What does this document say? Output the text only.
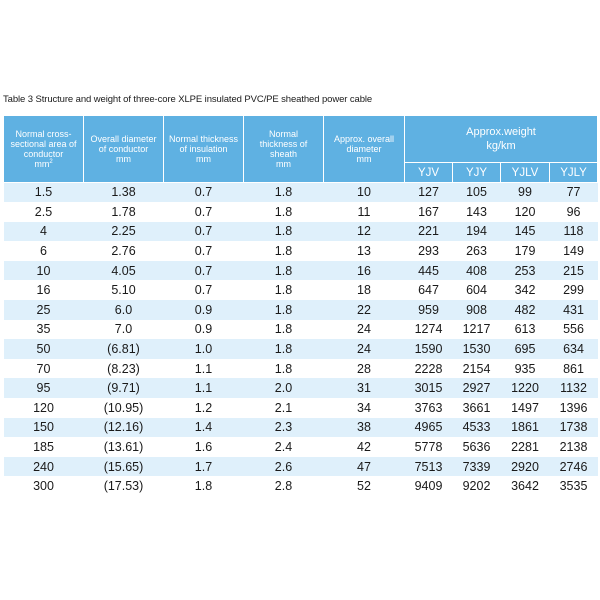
Table 3 Structure and weight of three-core XLPE insulated PVC/PE sheathed power cable
Normal cross-
sectional area of
conductor
$mm^2$	Overall diameter
of conductor
mm	Normal thickness
of insulation
mm	Normal
thickness of
sheath
mm	Approx. overall
diameter
mm	Approx.weight
kg/km			

					YJV	YJY	YJLV	YJLY
1.5	1.38	0.7	1.8	10	127	105	99	77
2.5	1.78	0.7	1.8	11	167	143	120	96
4	2.25	0.7	1.8	12	221	194	145	118
6	2.76	0.7	1.8	13	293	263	179	149
10	4.05	0.7	1.8	16	445	408	253	215
16	5.10	0.7	1.8	18	647	604	342	299
25	6.0	0.9	1.8	22	959	908	482	431
35	7.0	0.9	1.8	24	1274	1217	613	556
50	(6.81)	1.0	1.8	24	1590	1530	695	634
70	(8.23)	1.1	1.8	28	2228	2154	935	861
95	(9.71)	1.1	2.0	31	3015	2927	1220	1132
120	(10.95)	1.2	2.1	34	3763	3661	1497	1396
150	(12.16)	1.4	2.3	38	4965	4533	1861	1738
185	(13.61)	1.6	2.4	42	5778	5636	2281	2138
240	(15.65)	1.7	2.6	47	7513	7339	2920	2746
300	(17.53)	1.8	2.8	52	9409	9202	3642	3535
